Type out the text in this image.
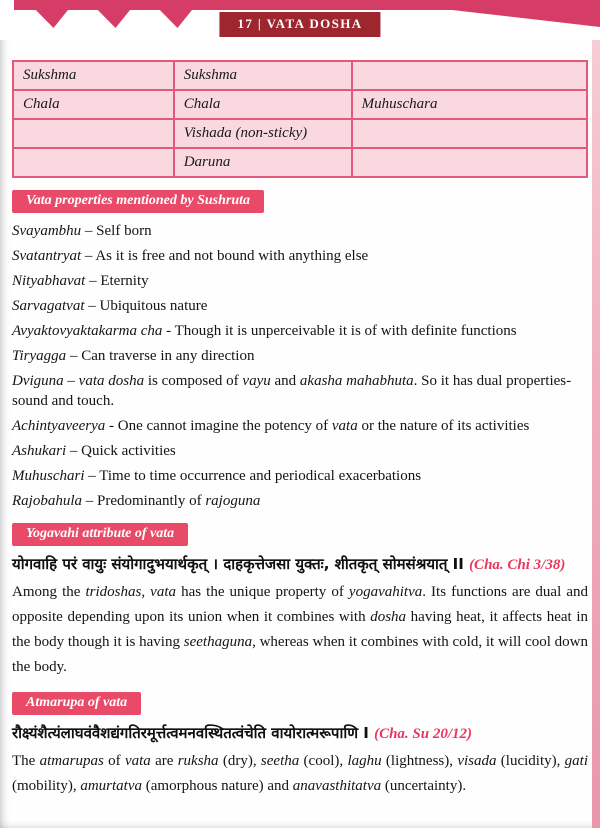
17 | VATA DOSHA
Sukshma	Sukshma	
Chala	Chala	Muhuschara
	Vishada (non-sticky)	
	Daruna	
Vata properties mentioned by Sushruta

Svayambhu – Self born

Svatantryat – As it is free and not bound with anything else

Nityabhavat – Eternity

Sarvagatvat – Ubiquitous nature

Avyaktovyaktakarma cha - Though it is unperceivable it is of with definite functions

Tiryagga – Can traverse in any direction

Dviguna – vata dosha is composed of vayu and akasha mahabhuta. So it has dual properties- sound and touch.

Achintyaveerya - One cannot imagine the potency of vata or the nature of its activities

Ashukari – Quick activities

Muhuschari – Time to time occurrence and periodical exacerbations

Rajobahula – Predominantly of rajoguna

Yogavahi attribute of vata

योगवाहि परं वायुः संयोगादुभयार्थकृत् । दाहकृत्तेजसा युक्तः, शीतकृत् सोमसंश्रयात् II (Cha. Chi 3/38)

Among the tridoshas, vata has the unique property of yogavahitva. Its functions are dual and opposite depending upon its union when it combines with dosha having heat, it affects heat in the body though it is having seethaguna, whereas when it combines with cold, it will cool down the body.

Atmarupa of vata

रौक्ष्यंशैत्यंलाघवंवैशद्यंगतिरमूर्त्तत्वमनवस्थितत्वंचेति वायोरात्मरूपाणि I (Cha. Su 20/12)

The atmarupas of vata are ruksha (dry), seetha (cool), laghu (lightness), visada (lucidity), gati (mobility), amurtatva (amorphous nature) and anavasthitatva (uncertainty).
